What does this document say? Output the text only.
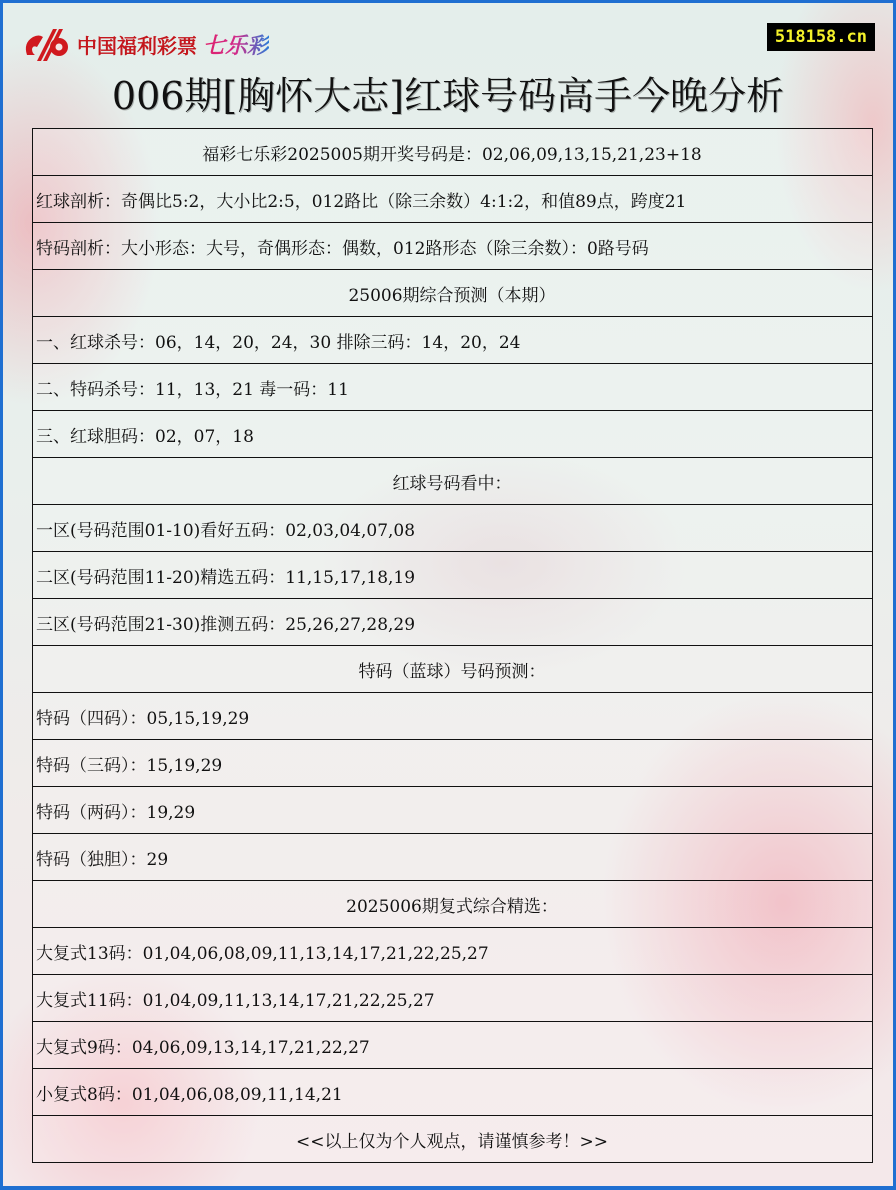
中国福利彩票 七乐彩	518158.cn
006期[胸怀大志]红球号码高手今晚分析
福彩七乐彩2025005期开奖号码是：02,06,09,13,15,21,23+18
红球剖析：奇偶比5:2，大小比2:5，012路比（除三余数）4:1:2，和值89点，跨度21
特码剖析：大小形态：大号，奇偶形态：偶数，012路形态（除三余数）：0路号码
25006期综合预测（本期）
一、红球杀号：06，14，20，24，30 排除三码：14，20，24
二、特码杀号：11，13，21 毒一码：11
三、红球胆码：02，07，18
红球号码看中：
一区(号码范围01-10)看好五码：02,03,04,07,08
二区(号码范围11-20)精选五码：11,15,17,18,19
三区(号码范围21-30)推测五码：25,26,27,28,29
特码（蓝球）号码预测：
特码（四码）：05,15,19,29
特码（三码）：15,19,29
特码（两码）：19,29
特码（独胆）：29
2025006期复式综合精选：
大复式13码：01,04,06,08,09,11,13,14,17,21,22,25,27
大复式11码：01,04,09,11,13,14,17,21,22,25,27
大复式9码：04,06,09,13,14,17,21,22,27
小复式8码：01,04,06,08,09,11,14,21
<<以上仅为个人观点，请谨慎参考！>>
